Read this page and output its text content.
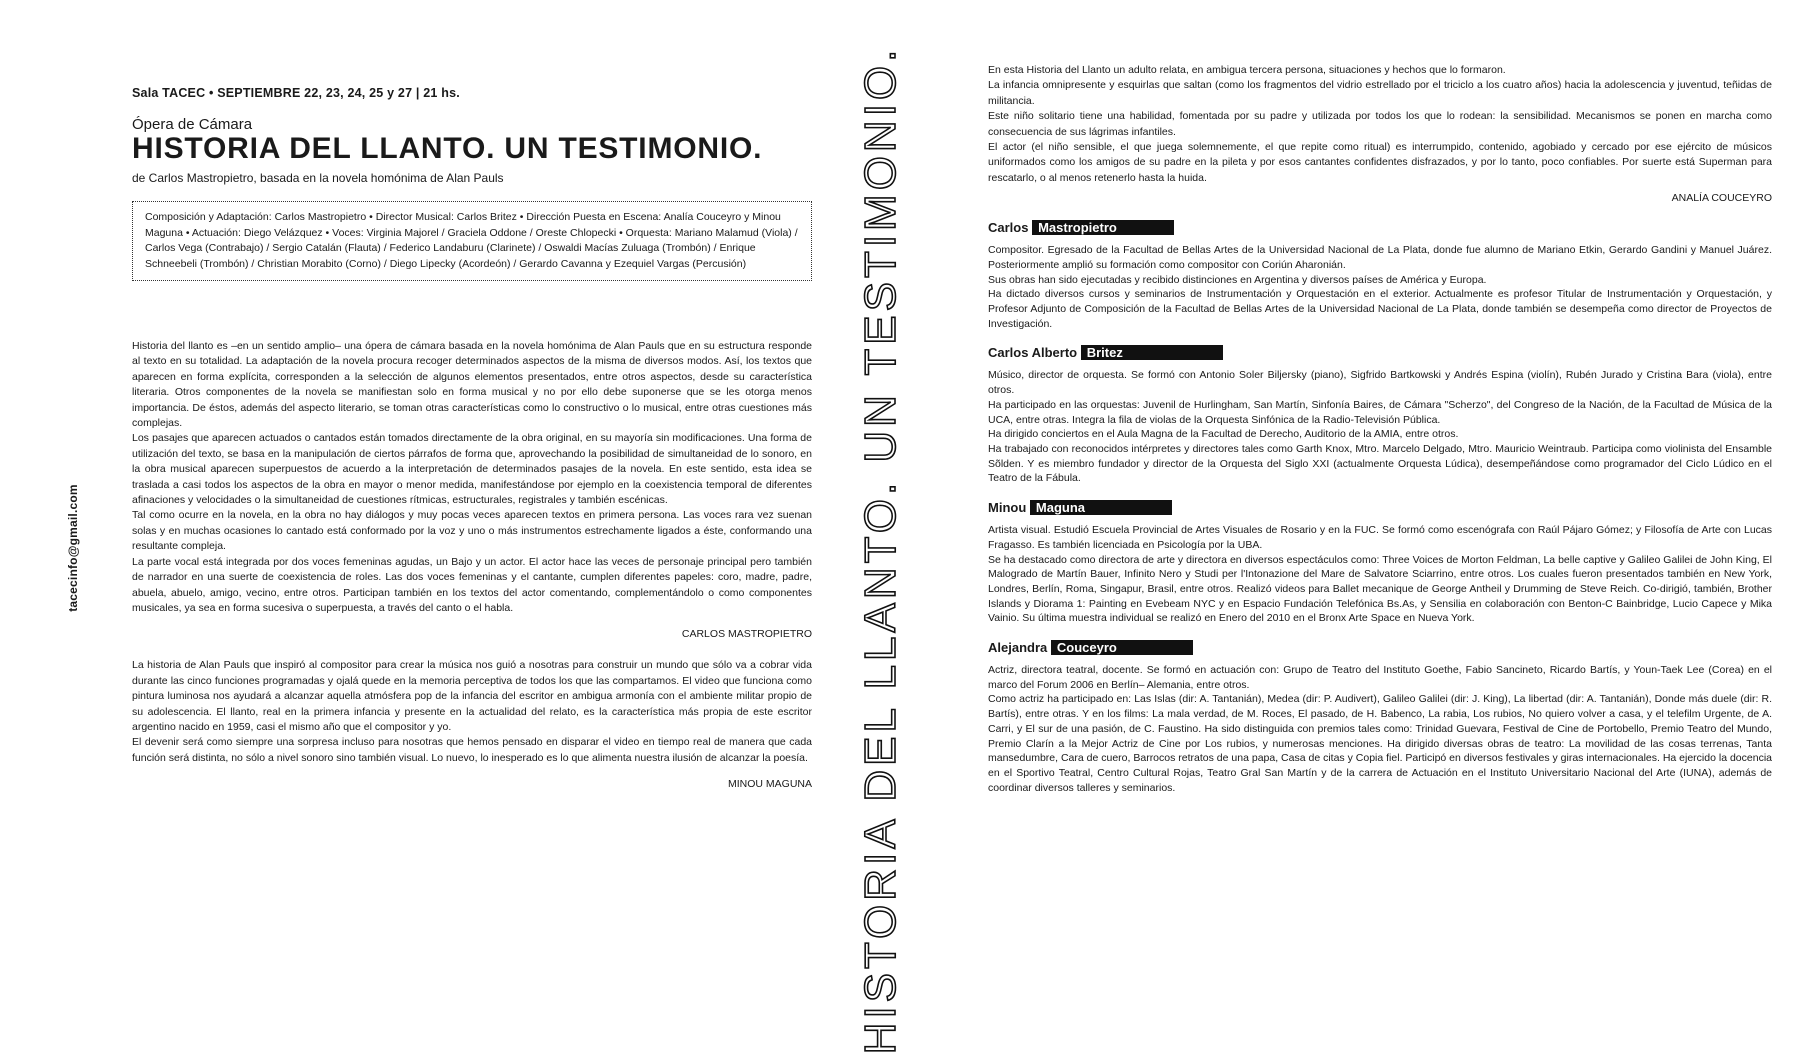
tacecinfo@gmail.com
Sala TACEC • SEPTIEMBRE 22, 23, 24, 25 y 27 | 21 hs.
Ópera de Cámara
HISTORIA DEL LLANTO. UN TESTIMONIO.
de Carlos Mastropietro, basada en la novela homónima de Alan Pauls
Composición y Adaptación: Carlos Mastropietro • Director Musical: Carlos Britez • Dirección Puesta en Escena: Analía Couceyro y Minou Maguna • Actuación: Diego Velázquez • Voces: Virginia Majorel / Graciela Oddone / Oreste Chlopecki • Orquesta: Mariano Malamud (Viola) / Carlos Vega (Contrabajo) / Sergio Catalán (Flauta) / Federico Landaburu (Clarinete) / Oswaldi Macías Zuluaga (Trombón) / Enrique Schneebeli (Trombón) / Christian Morabito (Corno) / Diego Lipecky (Acordeón) / Gerardo Cavanna y Ezequiel Vargas (Percusión)

Historia del llanto es –en un sentido amplio– una ópera de cámara basada en la novela homónima de Alan Pauls que en su estructura responde al texto en su totalidad. La adaptación de la novela procura recoger determinados aspectos de la misma de diversos modos. Así, los textos que aparecen en forma explícita, corresponden a la selección de algunos elementos presentados, entre otros aspectos, desde su característica literaria. Otros componentes de la novela se manifiestan solo en forma musical y no por ello debe suponerse que se les otorga menos importancia. De éstos, además del aspecto literario, se toman otras características como lo constructivo o lo musical, entre otras cuestiones más complejas.

Los pasajes que aparecen actuados o cantados están tomados directamente de la obra original, en su mayoría sin modificaciones. Una forma de utilización del texto, se basa en la manipulación de ciertos párrafos de forma que, aprovechando la posibilidad de simultaneidad de lo sonoro, en la obra musical aparecen superpuestos de acuerdo a la interpretación de determinados pasajes de la novela. En este sentido, esta idea se traslada a casi todos los aspectos de la obra en mayor o menor medida, manifestándose por ejemplo en la coexistencia temporal de diferentes afinaciones y velocidades o la simultaneidad de cuestiones rítmicas, estructurales, registrales y también escénicas.

Tal como ocurre en la novela, en la obra no hay diálogos y muy pocas veces aparecen textos en primera persona. Las voces rara vez suenan solas y en muchas ocasiones lo cantado está conformado por la voz y uno o más instrumentos estrechamente ligados a éste, conformando una resultante compleja.

La parte vocal está integrada por dos voces femeninas agudas, un Bajo y un actor. El actor hace las veces de personaje principal pero también de narrador en una suerte de coexistencia de roles. Las dos voces femeninas y el cantante, cumplen diferentes papeles: coro, madre, padre, abuela, abuelo, amigo, vecino, entre otros. Participan también en los textos del actor comentando, complementándolo o como componentes musicales, ya sea en forma sucesiva o superpuesta, a través del canto o el habla.

CARLOS MASTROPIETRO

La historia de Alan Pauls que inspiró al compositor para crear la música nos guió a nosotras para construir un mundo que sólo va a cobrar vida durante las cinco funciones programadas y ojalá quede en la memoria perceptiva de todos los que las compartamos. El video que funciona como pintura luminosa nos ayudará a alcanzar aquella atmósfera pop de la infancia del escritor en ambigua armonía con el ambiente militar propio de su adolescencia. El llanto, real en la primera infancia y presente en la actualidad del relato, es la característica más propia de este escritor argentino nacido en 1959, casi el mismo año que el compositor y yo.

El devenir será como siempre una sorpresa incluso para nosotras que hemos pensado en disparar el video en tiempo real de manera que cada función será distinta, no sólo a nivel sonoro sino también visual. Lo nuevo, lo inesperado es lo que alimenta nuestra ilusión de alcanzar la poesía.

MINOU MAGUNA HISTORIA DEL LLANTO. UN TESTIMONIO.	En esta Historia del Llanto un adulto relata, en ambigua tercera persona, situaciones y hechos que lo formaron.

La infancia omnipresente y esquirlas que saltan (como los fragmentos del vidrio estrellado por el triciclo a los cuatro años) hacia la adolescencia y juventud, teñidas de militancia.

Este niño solitario tiene una habilidad, fomentada por su padre y utilizada por todos los que lo rodean: la sensibilidad. Mecanismos se ponen en marcha como consecuencia de sus lágrimas infantiles.

El actor (el niño sensible, el que juega solemnemente, el que repite como ritual) es interrumpido, contenido, agobiado y cercado por ese ejército de músicos uniformados como los amigos de su padre en la pileta y por esos cantantes confidentes disfrazados, y por lo tanto, poco confiables. Por suerte está Superman para rescatarlo, o al menos retenerlo hasta la huida.

ANALÍA COUCEYRO
Carlos Mastropietro
Compositor. Egresado de la Facultad de Bellas Artes de la Universidad Nacional de La Plata, donde fue alumno de Mariano Etkin, Gerardo Gandini y Manuel Juárez. Posteriormente amplió su formación como compositor con Coriún Aharonián.
Sus obras han sido ejecutadas y recibido distinciones en Argentina y diversos países de América y Europa.
Ha dictado diversos cursos y seminarios de Instrumentación y Orquestación en el exterior. Actualmente es profesor Titular de Instrumentación y Orquestación, y Profesor Adjunto de Composición de la Facultad de Bellas Artes de la Universidad Nacional de La Plata, donde también se desempeña como director de Proyectos de Investigación.
Carlos Alberto Britez
Músico, director de orquesta. Se formó con Antonio Soler Biljersky (piano), Sigfrido Bartkowski y Andrés Espina (violín), Rubén Jurado y Cristina Bara (viola), entre otros.
Ha participado en las orquestas: Juvenil de Hurlingham, San Martín, Sinfonía Baires, de Cámara "Scherzo", del Congreso de la Nación, de la Facultad de Música de la UCA, entre otras. Integra la fila de violas de la Orquesta Sinfónica de la Radio-Televisión Pública.
Ha dirigido conciertos en el Aula Magna de la Facultad de Derecho, Auditorio de la AMIA, entre otros.
Ha trabajado con reconocidos intérpretes y directores tales como Garth Knox, Mtro. Marcelo Delgado, Mtro. Mauricio Weintraub. Participa como violinista del Ensamble Sõlden. Y es miembro fundador y director de la Orquesta del Siglo XXI (actualmente Orquesta Lúdica), desempeñándose como programador del Ciclo Lúdico en el Teatro de la Fábula.
Minou Maguna
Artista visual. Estudió Escuela Provincial de Artes Visuales de Rosario y en la FUC. Se formó como escenógrafa con Raúl Pájaro Gómez; y Filosofía de Arte con Lucas Fragasso. Es también licenciada en Psicología por la UBA.
Se ha destacado como directora de arte y directora en diversos espectáculos como: Three Voices de Morton Feldman, La belle captive y Galileo Galilei de John King, El Malogrado de Martín Bauer, Infinito Nero y Studi per l'Intonazione del Mare de Salvatore Sciarrino, entre otros. Los cuales fueron presentados también en New York, Londres, Berlín, Roma, Singapur, Brasil, entre otros. Realizó videos para Ballet mecanique de George Antheil y Drumming de Steve Reich. Co-dirigió, también, Brother Islands y Diorama 1: Painting en Evebeam NYC y en Espacio Fundación Telefónica Bs.As, y Sensilia en colaboración con Benton-C Bainbridge, Lucio Capece y Mika Vainio. Su última muestra individual se realizó en Enero del 2010 en el Bronx Arte Space en Nueva York.
Alejandra Couceyro
Actriz, directora teatral, docente. Se formó en actuación con: Grupo de Teatro del Instituto Goethe, Fabio Sancineto, Ricardo Bartís, y Youn-Taek Lee (Corea) en el marco del Forum 2006 en Berlín– Alemania, entre otros.
Como actriz ha participado en: Las Islas (dir: A. Tantanián), Medea (dir: P. Audivert), Galileo Galilei (dir: J. King), La libertad (dir: A. Tantanián), Donde más duele (dir: R. Bartís), entre otras. Y en los films: La mala verdad, de M. Roces, El pasado, de H. Babenco, La rabia, Los rubios, No quiero volver a casa, y el telefilm Urgente, de A. Carri, y El sur de una pasión, de C. Faustino. Ha sido distinguida con premios tales como: Trinidad Guevara, Festival de Cine de Portobello, Premio Teatro del Mundo, Premio Clarín a la Mejor Actriz de Cine por Los rubios, y numerosas menciones. Ha dirigido diversas obras de teatro: La movilidad de las cosas terrenas, Tanta mansedumbre, Cara de cuero, Barrocos retratos de una papa, Casa de citas y Copia fiel. Participó en diversos festivales y giras internacionales. Ha ejercido la docencia en el Sportivo Teatral, Centro Cultural Rojas, Teatro Gral San Martín y de la carrera de Actuación en el Instituto Universitario Nacional del Arte (IUNA), además de coordinar diversos talleres y seminarios.
